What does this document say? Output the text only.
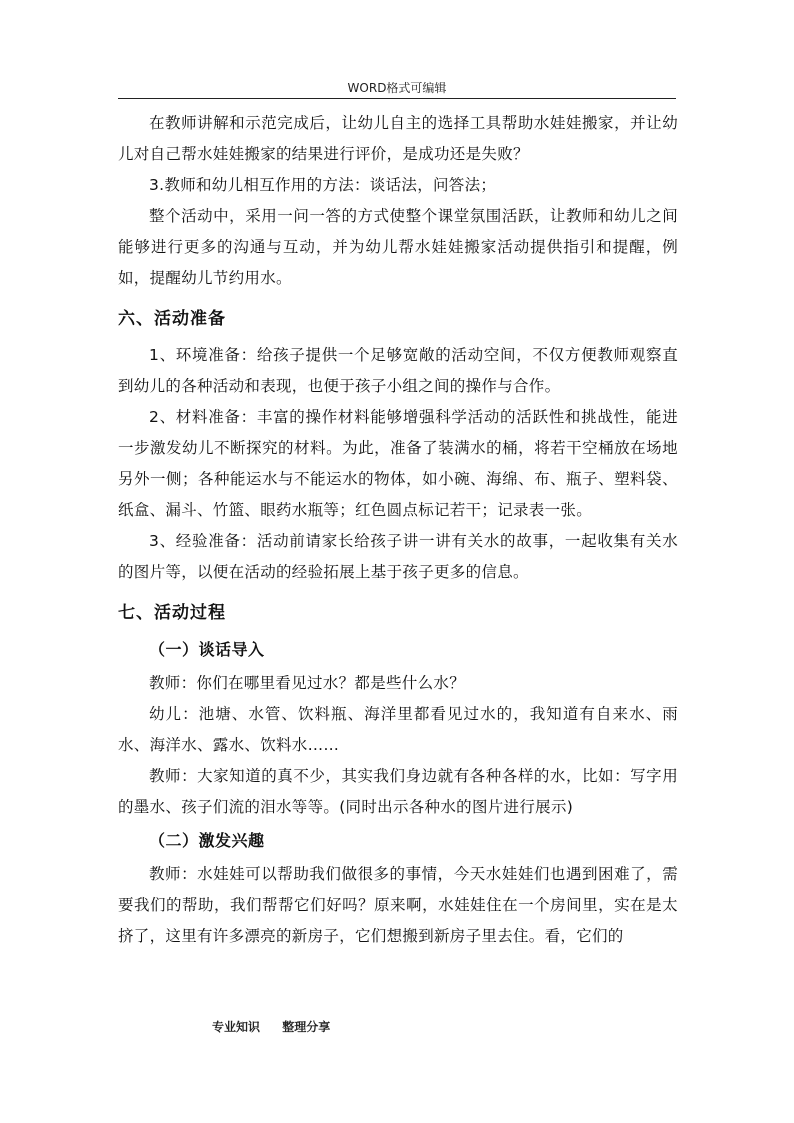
WORD格式可编辑

在教师讲解和示范完成后，让幼儿自主的选择工具帮助水娃娃搬家，并让幼儿对自己帮水娃娃搬家的结果进行评价，是成功还是失败？

3.教师和幼儿相互作用的方法：谈话法，问答法；

整个活动中，采用一问一答的方式使整个课堂氛围活跃，让教师和幼儿之间能够进行更多的沟通与互动，并为幼儿帮水娃娃搬家活动提供指引和提醒，例如，提醒幼儿节约用水。

六、活动准备

1、环境准备：给孩子提供一个足够宽敞的活动空间，不仅方便教师观察直到幼儿的各种活动和表现，也便于孩子小组之间的操作与合作。

2、材料准备：丰富的操作材料能够增强科学活动的活跃性和挑战性，能进一步激发幼儿不断探究的材料。为此，准备了装满水的桶，将若干空桶放在场地另外一侧；各种能运水与不能运水的物体，如小碗、海绵、布、瓶子、塑料袋、纸盒、漏斗、竹篮、眼药水瓶等；红色圆点标记若干；记录表一张。

3、经验准备：活动前请家长给孩子讲一讲有关水的故事，一起收集有关水的图片等，以便在活动的经验拓展上基于孩子更多的信息。

七、活动过程
（一）谈话导入

教师：你们在哪里看见过水？都是些什么水？

幼儿：池塘、水管、饮料瓶、海洋里都看见过水的，我知道有自来水、雨水、海洋水、露水、饮料水……

教师：大家知道的真不少，其实我们身边就有各种各样的水，比如：写字用的墨水、孩子们流的泪水等等。(同时出示各种水的图片进行展示)

（二）激发兴趣

教师：水娃娃可以帮助我们做很多的事情，今天水娃娃们也遇到困难了，需要我们的帮助，我们帮帮它们好吗？原来啊，水娃娃住在一个房间里，实在是太挤了，这里有许多漂亮的新房子，它们想搬到新房子里去住。看，它们的

专业知识 整理分享
